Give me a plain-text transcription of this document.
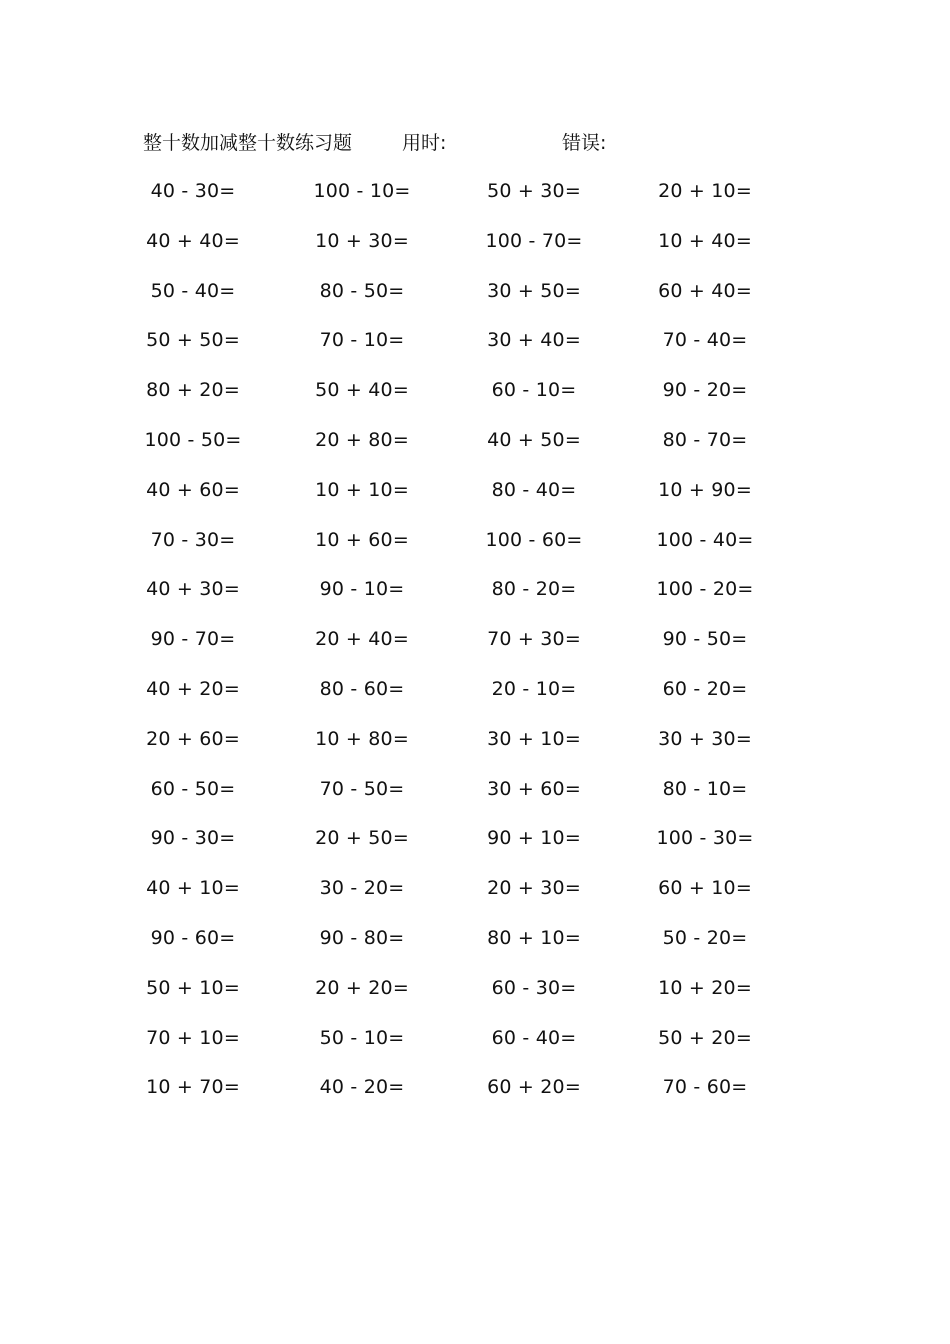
整十数加减整十数练习题	用时:	错误:
40 - 30=	100 - 10=	50 + 30=	20 + 10=
40 + 40=	10 + 30=	100 - 70=	10 + 40=
50 - 40=	80 - 50=	30 + 50=	60 + 40=
50 + 50=	70 - 10=	30 + 40=	70 - 40=
80 + 20=	50 + 40=	60 - 10=	90 - 20=
100 - 50=	20 + 80=	40 + 50=	80 - 70=
40 + 60=	10 + 10=	80 - 40=	10 + 90=
70 - 30=	10 + 60=	100 - 60=	100 - 40=
40 + 30=	90 - 10=	80 - 20=	100 - 20=
90 - 70=	20 + 40=	70 + 30=	90 - 50=
40 + 20=	80 - 60=	20 - 10=	60 - 20=
20 + 60=	10 + 80=	30 + 10=	30 + 30=
60 - 50=	70 - 50=	30 + 60=	80 - 10=
90 - 30=	20 + 50=	90 + 10=	100 - 30=
40 + 10=	30 - 20=	20 + 30=	60 + 10=
90 - 60=	90 - 80=	80 + 10=	50 - 20=
50 + 10=	20 + 20=	60 - 30=	10 + 20=
70 + 10=	50 - 10=	60 - 40=	50 + 20=
10 + 70=	40 - 20=	60 + 20=	70 - 60=
